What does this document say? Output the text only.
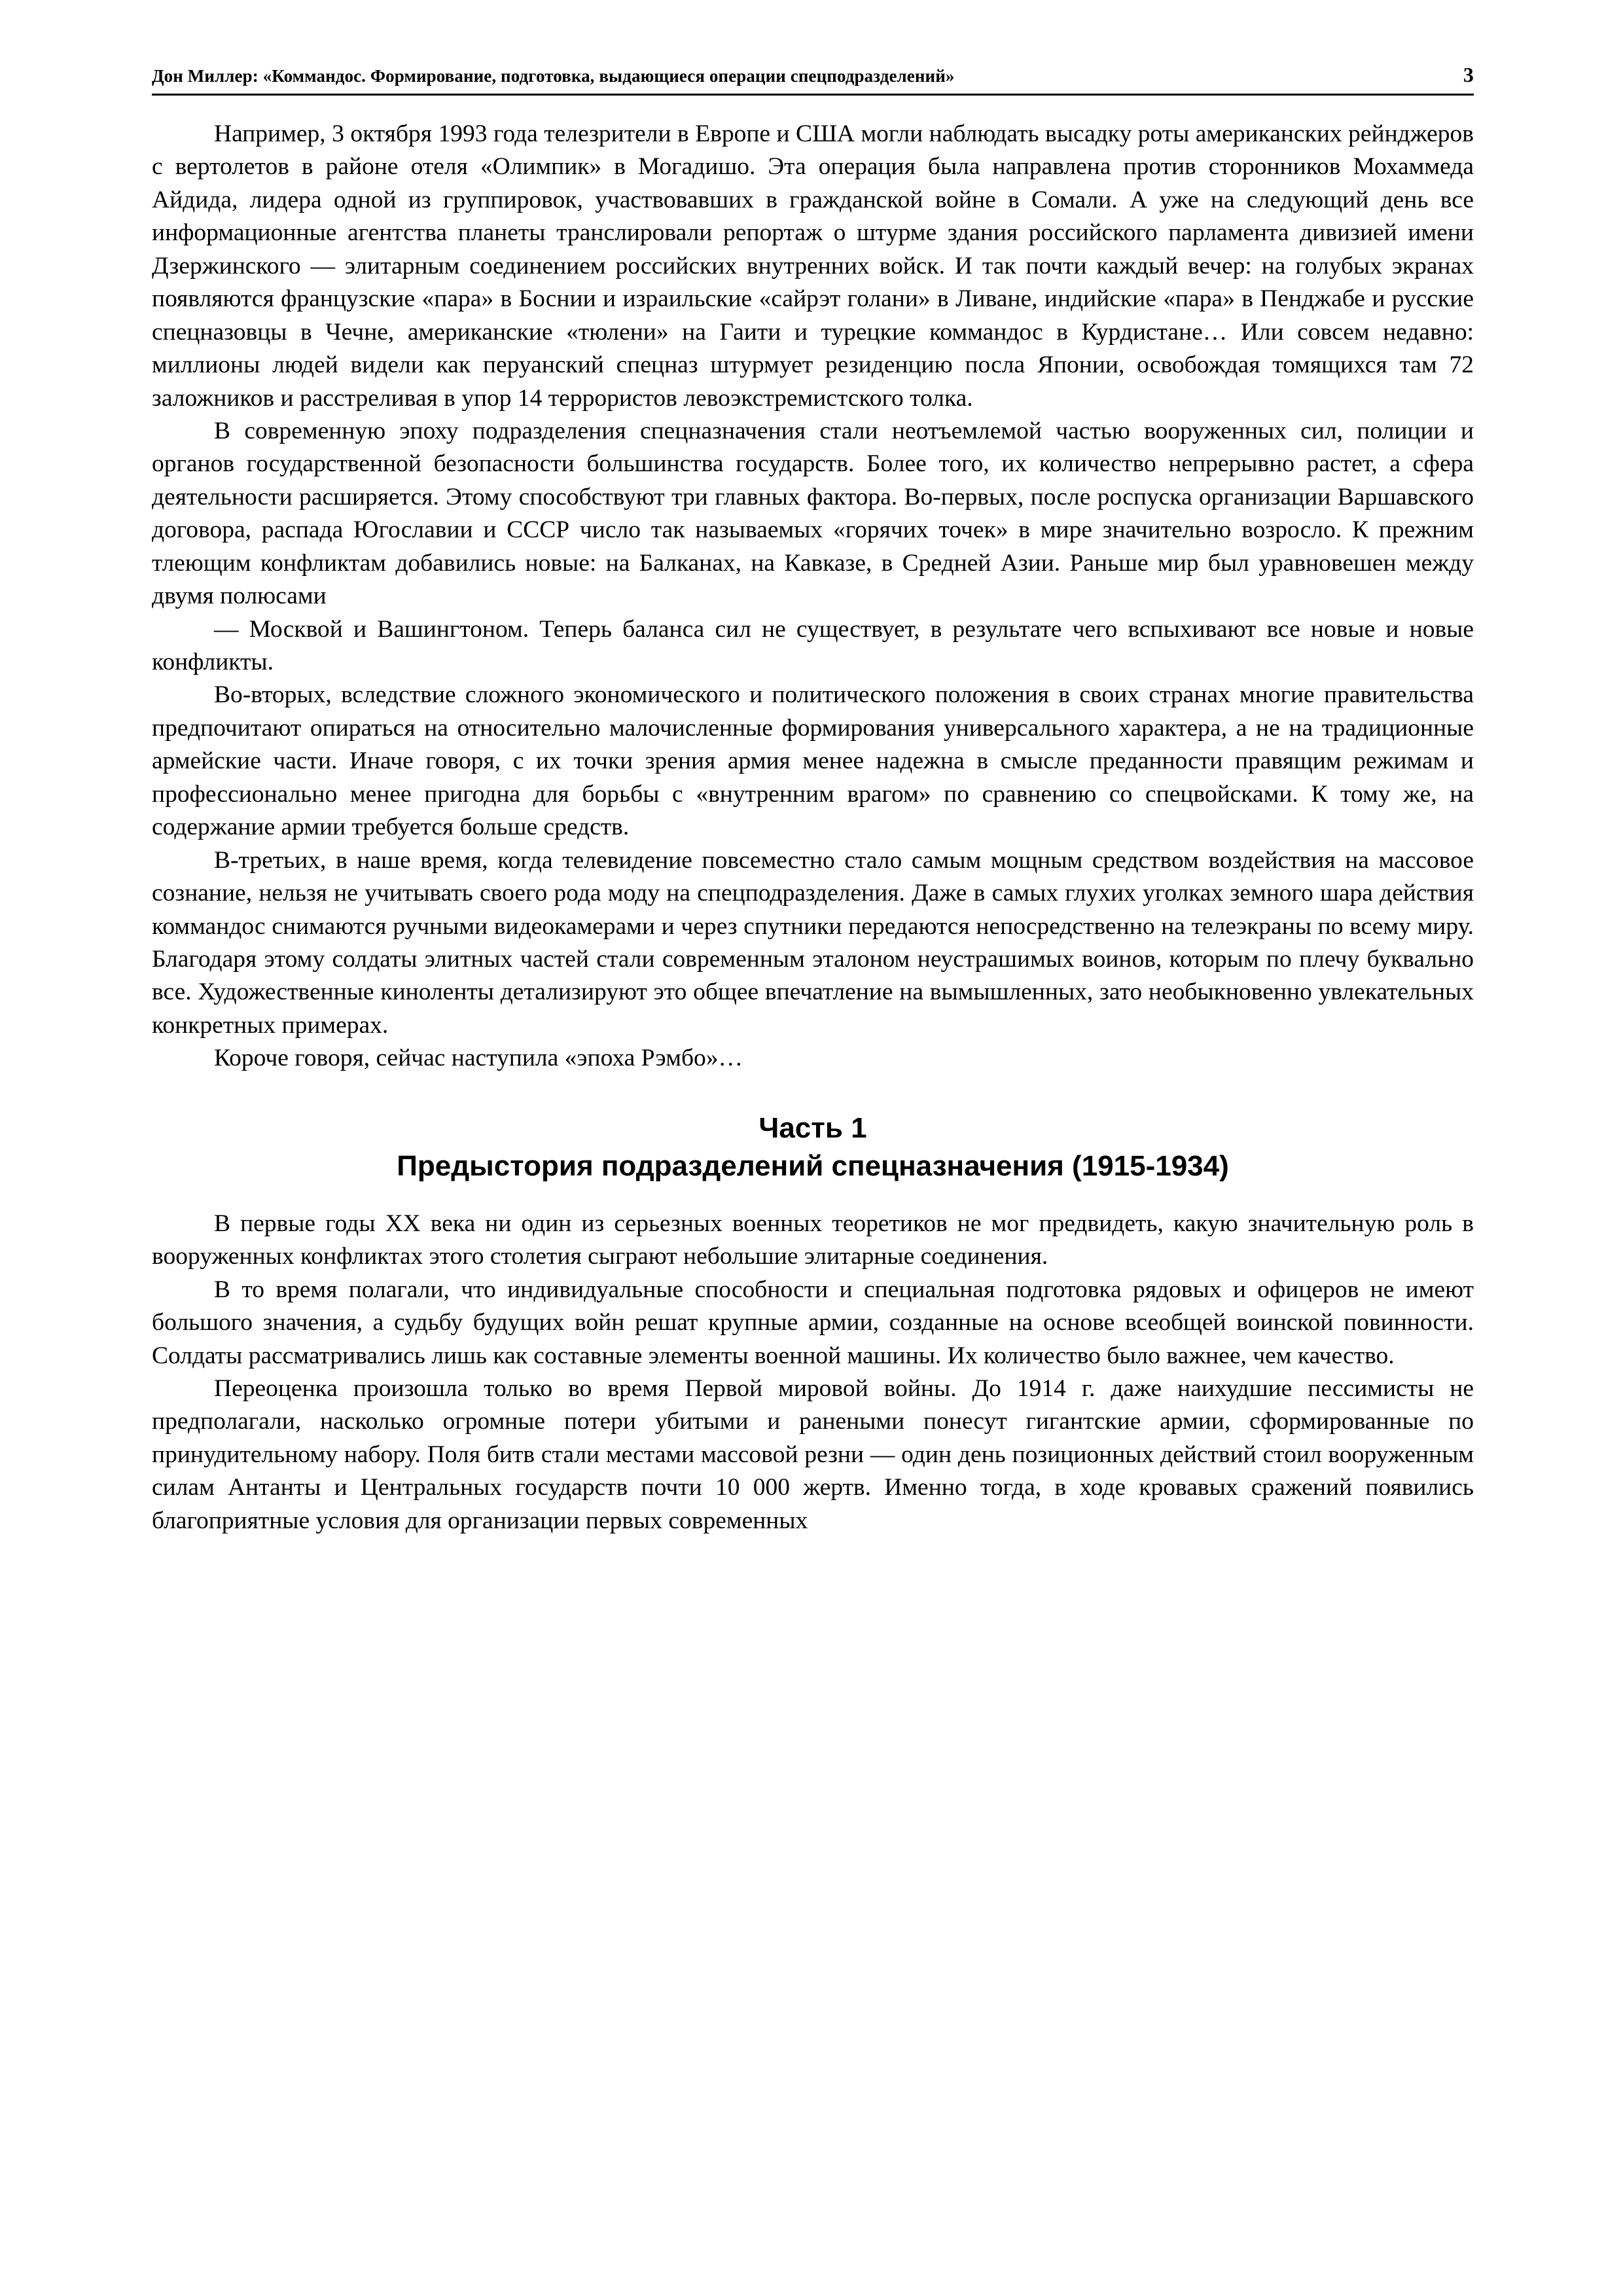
Дон Миллер: «Коммандос. Формирование, подготовка, выдающиеся операции спецподразделений»	3

Например, 3 октября 1993 года телезрители в Европе и США могли наблюдать высадку роты американских рейнджеров с вертолетов в районе отеля «Олимпик» в Могадишо. Эта операция была направлена против сторонников Мохаммеда Айдида, лидера одной из группировок, участвовавших в гражданской войне в Сомали. А уже на следующий день все информационные агентства планеты транслировали репортаж о штурме здания российского парламента дивизией имени Дзержинского — элитарным соединением российских внутренних войск. И так почти каждый вечер: на голубых экранах появляются французские «пара» в Боснии и израильские «сайрэт голани» в Ливане, индийские «пара» в Пенджабе и русские спецназовцы в Чечне, американские «тюлени» на Гаити и турецкие коммандос в Курдистане… Или совсем недавно: миллионы людей видели как перуанский спецназ штурмует резиденцию посла Японии, освобождая томящихся там 72 заложников и расстреливая в упор 14 террористов левоэкстремистского толка.

В современную эпоху подразделения спецназначения стали неотъемлемой частью вооруженных сил, полиции и органов государственной безопасности большинства государств. Более того, их количество непрерывно растет, а сфера деятельности расширяется. Этому способствуют три главных фактора. Во-первых, после роспуска организации Варшавского договора, распада Югославии и СССР число так называемых «горячих точек» в мире значительно возросло. К прежним тлеющим конфликтам добавились новые: на Балканах, на Кавказе, в Средней Азии. Раньше мир был уравновешен между двумя полюсами

— Москвой и Вашингтоном. Теперь баланса сил не существует, в результате чего вспыхивают все новые и новые конфликты.

Во-вторых, вследствие сложного экономического и политического положения в своих странах многие правительства предпочитают опираться на относительно малочисленные формирования универсального характера, а не на традиционные армейские части. Иначе говоря, с их точки зрения армия менее надежна в смысле преданности правящим режимам и профессионально менее пригодна для борьбы с «внутренним врагом» по сравнению со спецвойсками. К тому же, на содержание армии требуется больше средств.

В-третьих, в наше время, когда телевидение повсеместно стало самым мощным средством воздействия на массовое сознание, нельзя не учитывать своего рода моду на спецподразделения. Даже в самых глухих уголках земного шара действия коммандос снимаются ручными видеокамерами и через спутники передаются непосредственно на телеэкраны по всему миру. Благодаря этому солдаты элитных частей стали современным эталоном неустрашимых воинов, которым по плечу буквально все. Художественные киноленты детализируют это общее впечатление на вымышленных, зато необыкновенно увлекательных конкретных примерах.

Короче говоря, сейчас наступила «эпоха Рэмбо»…

Часть 1
Предыстория подразделений спецназначения (1915-1934)

В первые годы XX века ни один из серьезных военных теоретиков не мог предвидеть, какую значительную роль в вооруженных конфликтах этого столетия сыграют небольшие элитарные соединения.

В то время полагали, что индивидуальные способности и специальная подготовка рядовых и офицеров не имеют большого значения, а судьбу будущих войн решат крупные армии, созданные на основе всеобщей воинской повинности. Солдаты рассматривались лишь как составные элементы военной машины. Их количество было важнее, чем качество.

Переоценка произошла только во время Первой мировой войны. До 1914 г. даже наихудшие пессимисты не предполагали, насколько огромные потери убитыми и ранеными понесут гигантские армии, сформированные по принудительному набору. Поля битв стали местами массовой резни — один день позиционных действий стоил вооруженным силам Антанты и Центральных государств почти 10 000 жертв. Именно тогда, в ходе кровавых сражений появились благоприятные условия для организации первых современных
